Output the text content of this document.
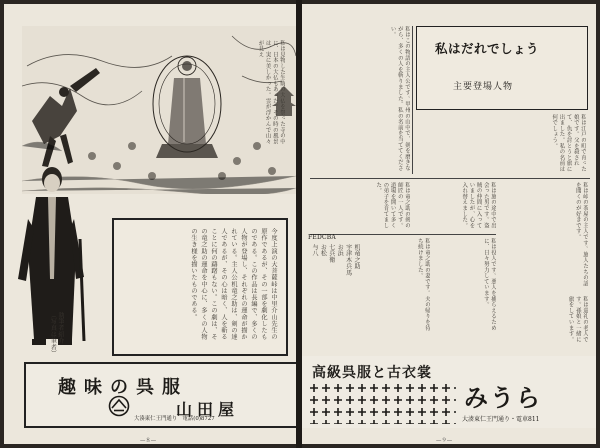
私は見物した生駒の大仏を祭った寺の中に、日本の大仏もあった。その時の風景は、実に美しかった。雲が浮かんで山々が見え
執筆者紹介
（写真は筆者）	今度上演の大菩薩峠は中里介山先生の原作であるが、その一部を劇化したものである。この作品は長編で、多くの人物が登場し、それぞれの運命が描かれている。主人公机竜之助は、剣の達人であるが、その心は暗く、人を斬ることに何の躊躇もない。この劇は、その竜之助の運命を中心に、多くの人物の生き様を描いたものである。
趣味の呉服
山田屋
大湊東仁王門通り　電話(0)8727
—８—
私はだれでしょう
主要登場人物
私はこの物語の主人公です。甲州の山中で、剣を磨きながら、多くの人を斬りました。私の名前を当ててください。
私は江戸の町で育った娘です。父を殺されて、仇を討とうと旅に出ました。私の名前は何でしょう。
私は竜之助の剣の師匠の一人です。道場を開いて多くの弟子を育てました。	私は旅の途中で出会った男です。盗賊の仲間に入っていましたが、心を入れ替えました。	私は峠の茶屋の主人です。旅人たちの話を聞くのが好きです。
FEDCBA
机竜之助
宇津木兵馬
お浜
七兵衛
お松
与八	私は竜之助の妻です。夫の帰りを待ち続けました。	私は役人です。悪人を捕らえるために、日々努力しています。
私は巡礼の老人です。孫娘と一緒に旅をしています。
高級呉服と古衣裳
みうら
大湊東仁王門通り・電車811
—９—
